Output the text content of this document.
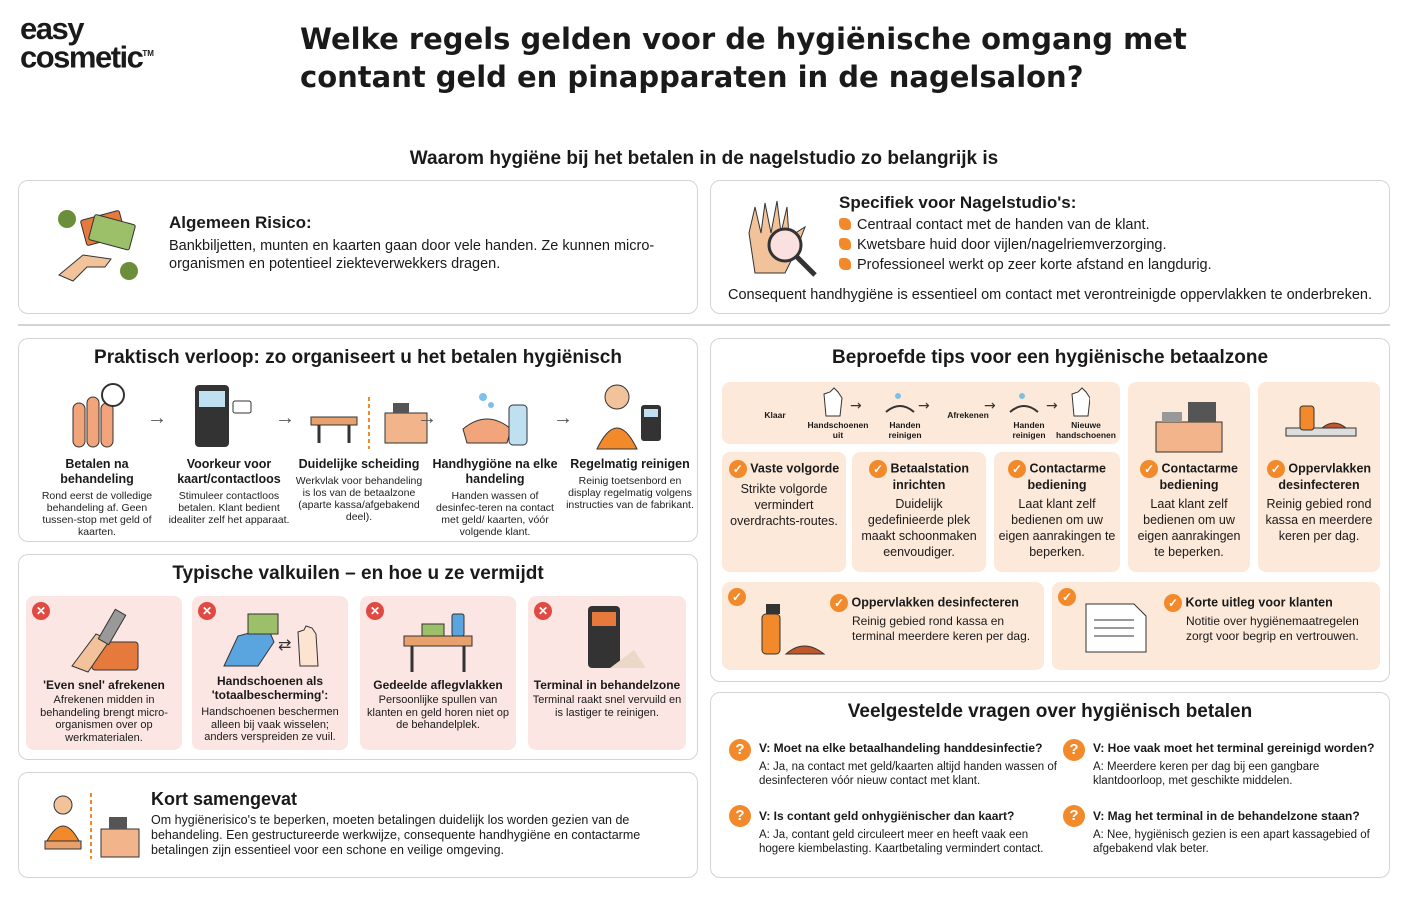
easy
cosmetic™	Welke regels gelden voor de hygiënische omgang met contant geld en pinapparaten in de nagelsalon?
Waarom hygiëne bij het betalen in de nagelstudio zo belangrijk is
Algemeen Risico:
Bankbiljetten, munten en kaarten gaan door vele handen. Ze kunnen micro-organismen en potentieel ziekteverwekkers dragen.
Specifiek voor Nagelstudio's:
Centraal contact met de handen van de klant.
Kwetsbare huid door vijlen/nagelriemverzorging.
Professioneel werkt op zeer korte afstand en langdurig.
Consequent handhygiëne is essentieel om contact met verontreinigde oppervlakken te onderbreken.
Praktisch verloop: zo organiseert u het betalen hygiënisch
→	→	→	→
Betalen na behandeling
Rond eerst de volledige behandeling af. Geen tussen-stop met geld of kaarten.
Voorkeur voor kaart/contactloos
Stimuleer contactloos betalen. Klant bedient idealiter zelf het apparaat.
Duidelijke scheiding
Werkvlak voor behandeling is los van de betaalzone (aparte kassa/afgebakend deel).
Handhygiöne na elke handeling
Handen wassen of desinfec-teren na contact met geld/ kaarten, vóór volgende klant.
Regelmatig reinigen
Reinig toetsenbord en display regelmatig volgens instructies van de fabrikant.
Typische valkuilen – en hoe u ze vermijdt
✕
'Even snel' afrekenen
Afrekenen midden in behandeling brengt micro-organismen over op werkmaterialen.
✕
⇄
Handschoenen als 'totaalbescherming':
Handschoenen beschermen alleen bij vaak wisselen; anders verspreiden ze vuil.
✕
Gedeelde aflegvlakken
Persoonlijke spullen van klanten en geld horen niet op de behandelplek.
✕
Terminal in behandelzone
Terminal raakt snel vervuild en is lastiger te reinigen.
Kort samengevat
Om hygiënerisico's te beperken, moeten betalingen duidelijk los worden gezien van de behandeling. Een gestructureerde werkwijze, consequente handhygiëne en contactarme betalingen zijn essentieel voor een schone en veilige omgeving.
Beproefde tips voor een hygiënische betaalzone
Klaar
Handschoenen uit
Handen reinigen
Afrekenen
Handen reinigen
Nieuwe handschoenen
→	→	→	→
✓ Contactarme bediening
Laat klant zelf bedienen om uw eigen aanrakingen te beperken.
✓ Oppervlakken desinfecteren
Reinig gebied rond kassa en meerdere keren per dag.
✓ Vaste volgorde
Strikte volgorde vermindert overdrachts-routes.
✓ Betaalstation inrichten
Duidelijk gedefinieerde plek maakt schoonmaken eenvoudiger.
✓ Contactarme bediening
Laat klant zelf bedienen om uw eigen aanrakingen te beperken.
✓	✓ Oppervlakken desinfecteren
Reinig gebied rond kassa en terminal meerdere keren per dag.
✓	✓ Korte uitleg voor klanten
Notitie over hygiënemaatregelen zorgt voor begrip en vertrouwen.
Veelgestelde vragen over hygiënisch betalen
?	V: Moet na elke betaalhandeling handdesinfectie?
A: Ja, na contact met geld/kaarten altijd handen wassen of desinfecteren vóór nieuw contact met klant.
?	V: Hoe vaak moet het terminal gereinigd worden?
A: Meerdere keren per dag bij een gangbare klantdoorloop, met geschikte middelen.
?	V: Is contant geld onhygiënischer dan kaart?
A: Ja, contant geld circuleert meer en heeft vaak een hogere kiembelasting. Kaartbetaling vermindert contact.
?	V: Mag het terminal in de behandelzone staan?
A: Nee, hygiënisch gezien is een apart kassagebied of afgebakend vlak beter.
